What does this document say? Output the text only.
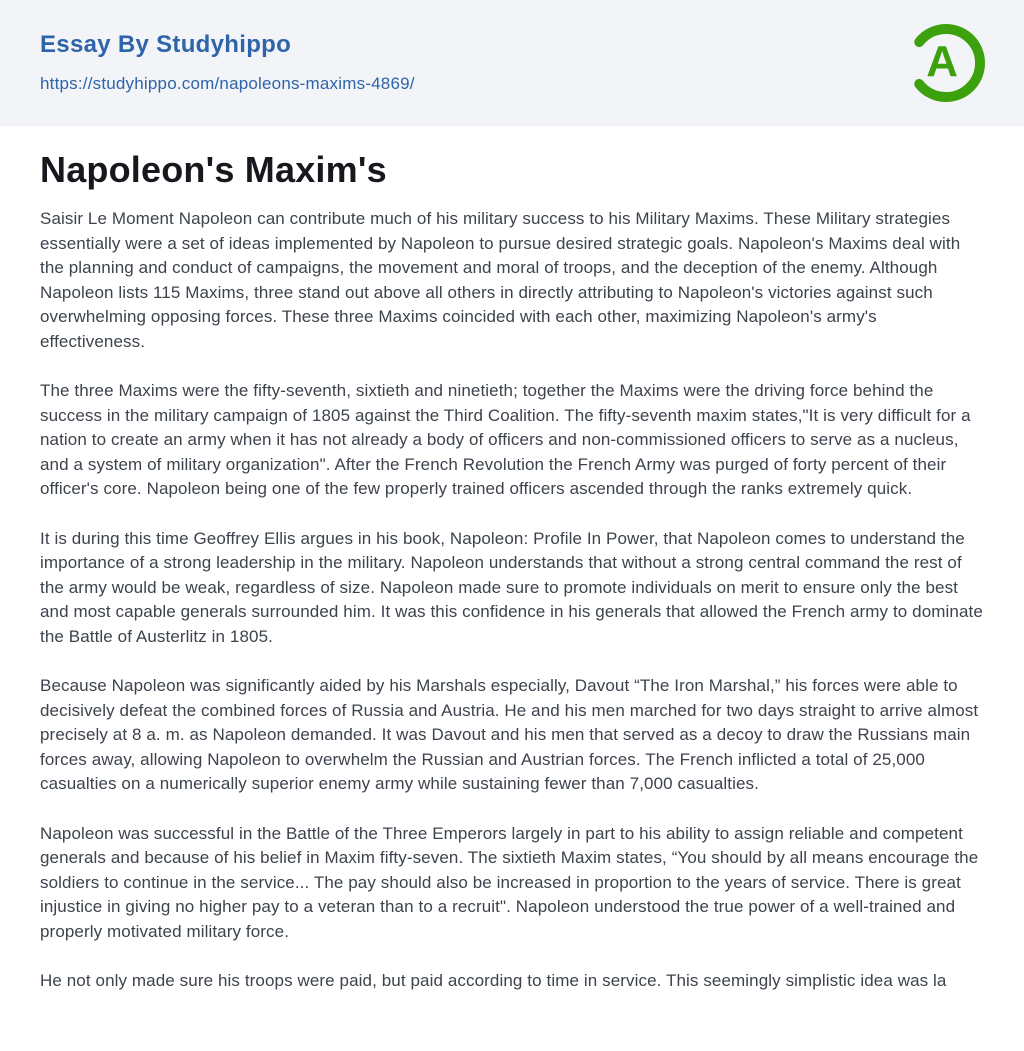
Essay By Studyhippo
https://studyhippo.com/napoleons-maxims-4869/	A
Napoleon's Maxim's

Saisir Le Moment Napoleon can contribute much of his military success to his Military Maxims. These Military strategies essentially were a set of ideas implemented by Napoleon to pursue desired strategic goals. Napoleon's Maxims deal with the planning and conduct of campaigns, the movement and moral of troops, and the deception of the enemy. Although Napoleon lists 115 Maxims, three stand out above all others in directly attributing to Napoleon's victories against such overwhelming opposing forces. These three Maxims coincided with each other, maximizing Napoleon's army's effectiveness.

The three Maxims were the fifty-seventh, sixtieth and ninetieth; together the Maxims were the driving force behind the success in the military campaign of 1805 against the Third Coalition. The fifty-seventh maxim states,"It is very difficult for a nation to create an army when it has not already a body of officers and non-commissioned officers to serve as a nucleus, and a system of military organization". After the French Revolution the French Army was purged of forty percent of their officer's core. Napoleon being one of the few properly trained officers ascended through the ranks extremely quick.

It is during this time Geoffrey Ellis argues in his book, Napoleon: Profile In Power, that Napoleon comes to understand the importance of a strong leadership in the military. Napoleon understands that without a strong central command the rest of the army would be weak, regardless of size. Napoleon made sure to promote individuals on merit to ensure only the best and most capable generals surrounded him. It was this confidence in his generals that allowed the French army to dominate the Battle of Austerlitz in 1805.

Because Napoleon was significantly aided by his Marshals especially, Davout “The Iron Marshal,” his forces were able to decisively defeat the combined forces of Russia and Austria. He and his men marched for two days straight to arrive almost precisely at 8 a. m. as Napoleon demanded. It was Davout and his men that served as a decoy to draw the Russians main forces away, allowing Napoleon to overwhelm the Russian and Austrian forces. The French inflicted a total of 25,000 casualties on a numerically superior enemy army while sustaining fewer than 7,000 casualties.

Napoleon was successful in the Battle of the Three Emperors largely in part to his ability to assign reliable and competent generals and because of his belief in Maxim fifty-seven. The sixtieth Maxim states, “You should by all means encourage the soldiers to continue in the service... The pay should also be increased in proportion to the years of service. There is great injustice in giving no higher pay to a veteran than to a recruit". Napoleon understood the true power of a well-trained and properly motivated military force.

He not only made sure his troops were paid, but paid according to time in service. This seemingly simplistic idea was la
